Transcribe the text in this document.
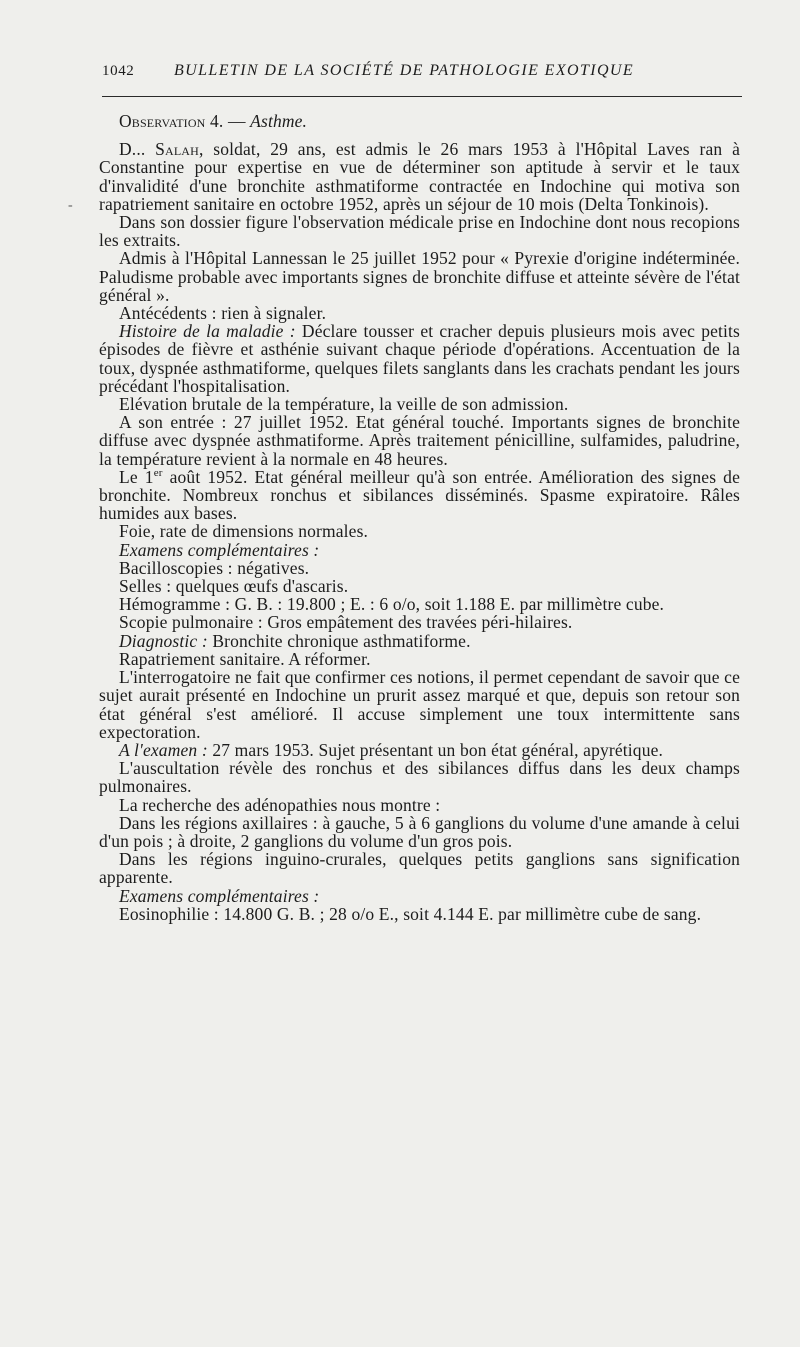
1042	BULLETIN DE LA SOCIÉTÉ DE PATHOLOGIE EXOTIQUE
-

Observation 4. — Asthme.

D... Salah, soldat, 29 ans, est admis le 26 mars 1953 à l'Hôpital Laves ran à Constantine pour expertise en vue de déterminer son aptitude à servir et le taux d'invalidité d'une bronchite asthmatiforme contractée en Indochine qui motiva son rapatriement sanitaire en octobre 1952, après un séjour de 10 mois (Delta Tonkinois).

Dans son dossier figure l'observation médicale prise en Indochine dont nous recopions les extraits.

Admis à l'Hôpital Lannessan le 25 juillet 1952 pour « Pyrexie d'origine indéterminée. Paludisme probable avec importants signes de bronchite diffuse et atteinte sévère de l'état général ».

Antécédents : rien à signaler.

Histoire de la maladie : Déclare tousser et cracher depuis plusieurs mois avec petits épisodes de fièvre et asthénie suivant chaque période d'opérations. Accentuation de la toux, dyspnée asthmatiforme, quelques filets sanglants dans les crachats pendant les jours précédant l'hospitalisation.

Elévation brutale de la température, la veille de son admission.

A son entrée : 27 juillet 1952. Etat général touché. Importants signes de bronchite diffuse avec dyspnée asthmatiforme. Après traitement pénicilline, sulfamides, paludrine, la température revient à la normale en 48 heures.

Le 1er août 1952. Etat général meilleur qu'à son entrée. Amélioration des signes de bronchite. Nombreux ronchus et sibilances disséminés. Spasme expiratoire. Râles humides aux bases.

Foie, rate de dimensions normales.

Examens complémentaires :

Bacilloscopies : négatives.

Selles : quelques œufs d'ascaris.

Hémogramme : G. B. : 19.800 ; E. : 6 o/o, soit 1.188 E. par millimètre cube.

Scopie pulmonaire : Gros empâtement des travées péri-hilaires.

Diagnostic : Bronchite chronique asthmatiforme.

Rapatriement sanitaire. A réformer.

L'interrogatoire ne fait que confirmer ces notions, il permet cependant de savoir que ce sujet aurait présenté en Indochine un prurit assez marqué et que, depuis son retour son état général s'est amélioré. Il accuse simplement une toux intermittente sans expectoration.

A l'examen : 27 mars 1953. Sujet présentant un bon état général, apyrétique.

L'auscultation révèle des ronchus et des sibilances diffus dans les deux champs pulmonaires.

La recherche des adénopathies nous montre :

Dans les régions axillaires : à gauche, 5 à 6 ganglions du volume d'une amande à celui d'un pois ; à droite, 2 ganglions du volume d'un gros pois.

Dans les régions inguino-crurales, quelques petits ganglions sans signification apparente.

Examens complémentaires :

Eosinophilie : 14.800 G. B. ; 28 o/o E., soit 4.144 E. par millimètre cube de sang.
